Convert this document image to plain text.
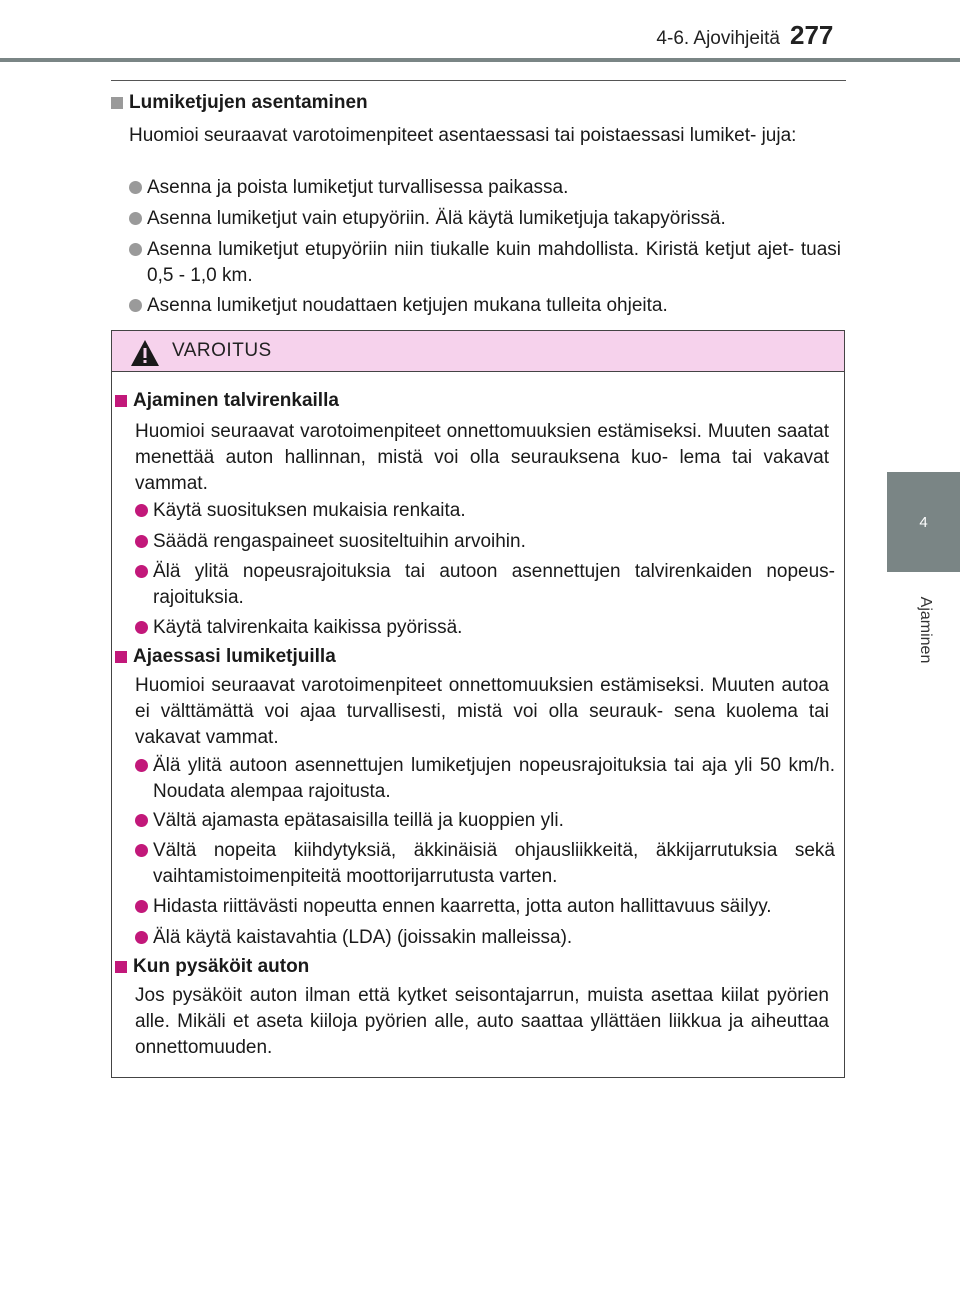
4-6. Ajovihjeitä 277
4
Ajaminen
Lumiketjujen asentaminen
Huomioi seuraavat varotoimenpiteet asentaessasi tai poistaessasi lumiket- juja:
Asenna ja poista lumiketjut turvallisessa paikassa.
Asenna lumiketjut vain etupyöriin. Älä käytä lumiketjuja takapyörissä.
Asenna lumiketjut etupyöriin niin tiukalle kuin mahdollista. Kiristä ketjut ajet- tuasi 0,5 - 1,0 km.
Asenna lumiketjut noudattaen ketjujen mukana tulleita ohjeita.
VAROITUS
Ajaminen talvirenkailla
Huomioi seuraavat varotoimenpiteet onnettomuuksien estämiseksi. Muuten saatat menettää auton hallinnan, mistä voi olla seurauksena kuo- lema tai vakavat vammat.
Käytä suosituksen mukaisia renkaita.
Säädä rengaspaineet suositeltuihin arvoihin.
Älä ylitä nopeusrajoituksia tai autoon asennettujen talvirenkaiden nopeus- rajoituksia.
Käytä talvirenkaita kaikissa pyörissä.
Ajaessasi lumiketjuilla
Huomioi seuraavat varotoimenpiteet onnettomuuksien estämiseksi. Muuten autoa ei välttämättä voi ajaa turvallisesti, mistä voi olla seurauk- sena kuolema tai vakavat vammat.
Älä ylitä autoon asennettujen lumiketjujen nopeusrajoituksia tai aja yli 50 km/h. Noudata alempaa rajoitusta.
Vältä ajamasta epätasaisilla teillä ja kuoppien yli.
Vältä nopeita kiihdytyksiä, äkkinäisiä ohjausliikkeitä, äkkijarrutuksia sekä vaihtamistoimenpiteitä moottorijarrutusta varten.
Hidasta riittävästi nopeutta ennen kaarretta, jotta auton hallittavuus säilyy.
Älä käytä kaistavahtia (LDA) (joissakin malleissa).
Kun pysäköit auton
Jos pysäköit auton ilman että kytket seisontajarrun, muista asettaa kiilat pyörien alle. Mikäli et aseta kiiloja pyörien alle, auto saattaa yllättäen liikkua ja aiheuttaa onnettomuuden.
